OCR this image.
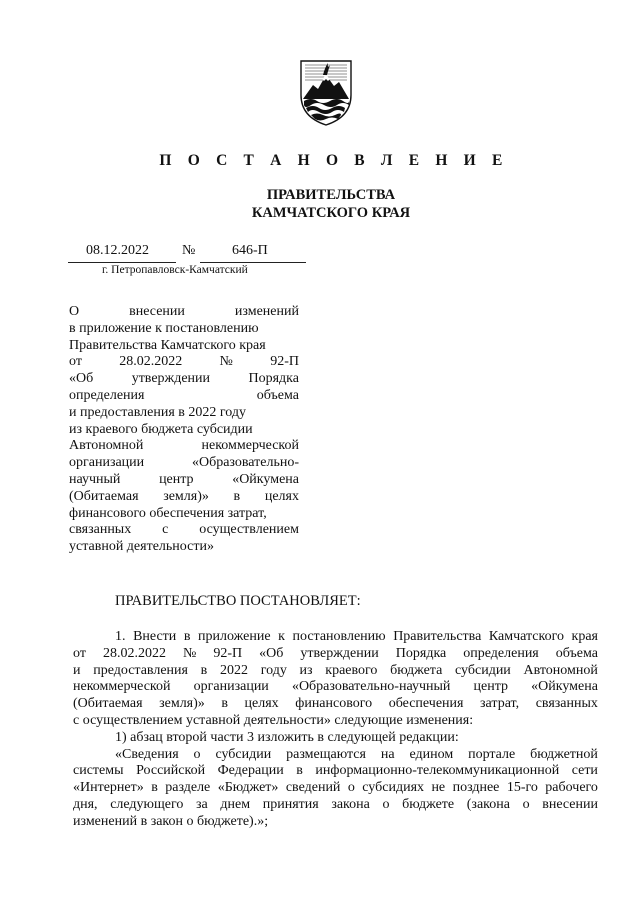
П О С Т А Н О В Л Е Н И Е
ПРАВИТЕЛЬСТВА
КАМЧАТСКОГО КРАЯ
08.12.2022 №	646-П
г. Петропавловск-Камчатский
О	внесении	изменений
в приложение к постановлению
Правительства Камчатского края
от	28.02.2022	№	92-П
«Об	утверждении	Порядка
определения	объема
и предоставления в 2022 году
из краевого бюджета субсидии
Автономной	некоммерческой
организации	«Образовательно-
научный	центр	«Ойкумена
(Обитаемая земля)» в целях
финансового обеспечения затрат,
связанных с осуществлением
уставной деятельности»
ПРАВИТЕЛЬСТВО ПОСТАНОВЛЯЕТ:
1. Внести в приложение к постановлению Правительства Камчатского края
от 28.02.2022 № 92-П «Об утверждении Порядка определения объема
и предоставления в 2022 году из краевого бюджета субсидии Автономной
некоммерческой организации «Образовательно-научный центр «Ойкумена
(Обитаемая земля)» в целях финансового обеспечения затрат, связанных
с осуществлением уставной деятельности» следующие изменения:
1) абзац второй части 3 изложить в следующей редакции:
«Сведения о субсидии размещаются на едином портале бюджетной
системы Российской Федерации в информационно-телекоммуникационной сети
«Интернет» в разделе «Бюджет» сведений о субсидиях не позднее 15-го рабочего
дня, следующего за днем принятия закона о бюджете (закона о внесении
изменений в закон о бюджете).»;
